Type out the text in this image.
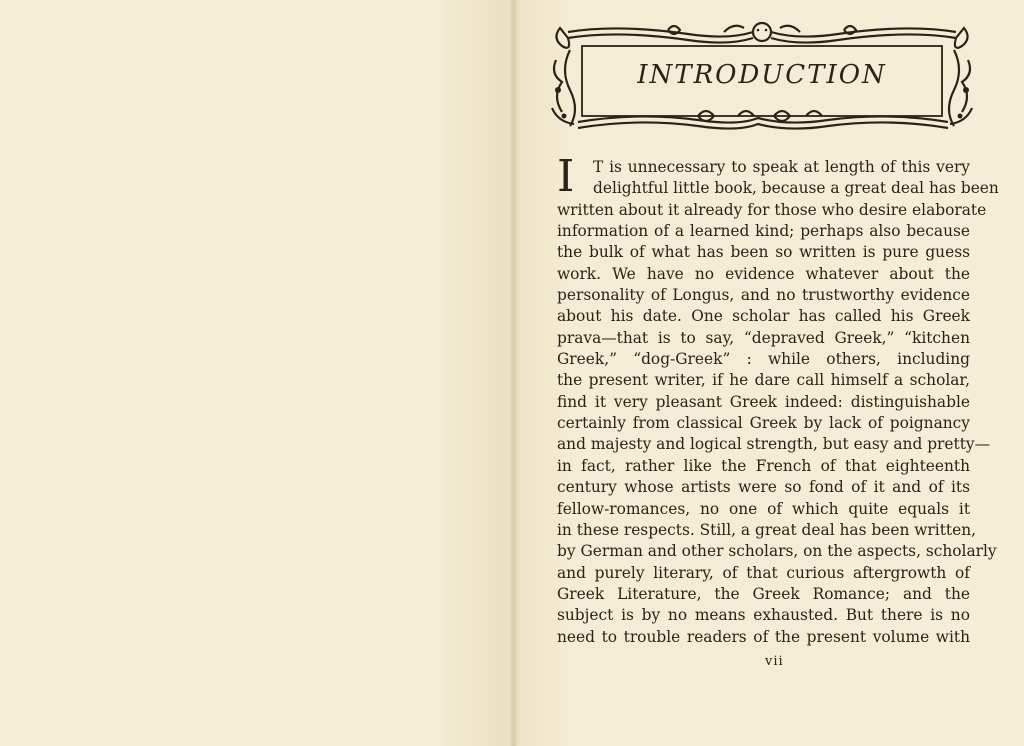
INTRODUCTION
I	T is unnecessary to speak at length of this very
delightful little book, because a great deal has been
written about it already for those who desire elaborate
information of a learned kind; perhaps also because
the bulk of what has been so written is pure guess
work. We have no evidence whatever about the
personality of Longus, and no trustworthy evidence
about his date. One scholar has called his Greek
prava—that is to say, “depraved Greek,” “kitchen
Greek,” “dog-Greek” : while others, including
the present writer, if he dare call himself a scholar,
find it very pleasant Greek indeed: distinguishable
certainly from classical Greek by lack of poignancy
and majesty and logical strength, but easy and pretty—
in fact, rather like the French of that eighteenth
century whose artists were so fond of it and of its
fellow-romances, no one of which quite equals it
in these respects. Still, a great deal has been written,
by German and other scholars, on the aspects, scholarly
and purely literary, of that curious aftergrowth of
Greek Literature, the Greek Romance; and the
subject is by no means exhausted. But there is no
need to trouble readers of the present volume with
vii
